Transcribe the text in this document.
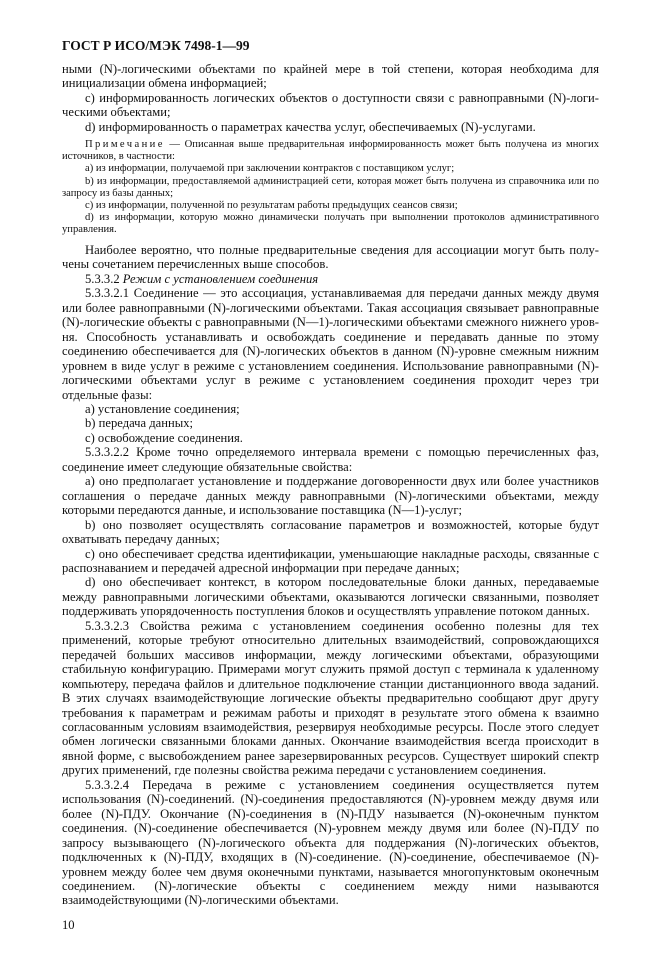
ГОСТ Р ИСО/МЭК 7498-1—99

ными (N)-логическими объектами по крайней мере в той степени, которая необходима для инициализации обмена информацией;

c) информированность логических объектов о доступности связи с равноправными (N)-логическими объектами;

d) информированность о параметрах качества услуг, обеспечиваемых (N)-услугами.

Примечание — Описанная выше предварительная информированность может быть получена из многих источников, в частности:

a) из информации, получаемой при заключении контрактов с поставщиком услуг;

b) из информации, предоставляемой администрацией сети, которая может быть получена из справочника или по запросу из базы данных;

c) из информации, полученной по результатам работы предыдущих сеансов связи;

d) из информации, которую можно динамически получать при выполнении протоколов административного управления.

Наиболее вероятно, что полные предварительные сведения для ассоциации могут быть получены сочетанием перечисленных выше способов.

5.3.3.2 Режим с установлением соединения

5.3.3.2.1 Соединение — это ассоциация, устанавливаемая для передачи данных между двумя или более равноправными (N)-логическими объектами. Такая ассоциация связывает равноправные (N)-логические объекты с равноправными (N—1)-логическими объектами смежного нижнего уровня. Способность устанавливать и освобождать соединение и передавать данные по этому соединению обеспечивается для (N)-логических объектов в данном (N)-уровне смежным нижним уровнем в виде услуг в режиме с установлением соединения. Использование равноправными (N)-логическими объектами услуг в режиме с установлением соединения проходит через три отдельные фазы:

a) установление соединения;

b) передача данных;

c) освобождение соединения.

5.3.3.2.2 Кроме точно определяемого интервала времени с помощью перечисленных фаз, соединение имеет следующие обязательные свойства:

a) оно предполагает установление и поддержание договоренности двух или более участников соглашения о передаче данных между равноправными (N)-логическими объектами, между которыми передаются данные, и использование поставщика (N—1)-услуг;

b) оно позволяет осуществлять согласование параметров и возможностей, которые будут охватывать передачу данных;

c) оно обеспечивает средства идентификации, уменьшающие накладные расходы, связанные с распознаванием и передачей адресной информации при передаче данных;

d) оно обеспечивает контекст, в котором последовательные блоки данных, передаваемые между равноправными логическими объектами, оказываются логически связанными, позволяет поддерживать упорядоченность поступления блоков и осуществлять управление потоком данных.

5.3.3.2.3 Свойства режима с установлением соединения особенно полезны для тех применений, которые требуют относительно длительных взаимодействий, сопровождающихся передачей больших массивов информации, между логическими объектами, образующими стабильную конфигурацию. Примерами могут служить прямой доступ с терминала к удаленному компьютеру, передача файлов и длительное подключение станции дистанционного ввода заданий. В этих случаях взаимодействующие логические объекты предварительно сообщают друг другу требования к параметрам и режимам работы и приходят в результате этого обмена к взаимно согласованным условиям взаимодействия, резервируя необходимые ресурсы. После этого следует обмен логически связанными блоками данных. Окончание взаимодействия всегда происходит в явной форме, с высвобождением ранее зарезервированных ресурсов. Существует широкий спектр других применений, где полезны свойства режима передачи с установлением соединения.

5.3.3.2.4 Передача в режиме с установлением соединения осуществляется путем использования (N)-соединений. (N)-соединения предоставляются (N)-уровнем между двумя или более (N)-ПДУ. Окончание (N)-соединения в (N)-ПДУ называется (N)-оконечным пунктом соединения. (N)-соединение обеспечивается (N)-уровнем между двумя или более (N)-ПДУ по запросу вызывающего (N)-логического объекта для поддержания (N)-логических объектов, подключенных к (N)-ПДУ, входящих в (N)-соединение. (N)-соединение, обеспечиваемое (N)-уровнем между более чем двумя оконечными пунктами, называется многопунктовым оконечным соединением. (N)-логические объекты с соединением между ними называются взаимодействующими (N)-логическими объектами.

10
